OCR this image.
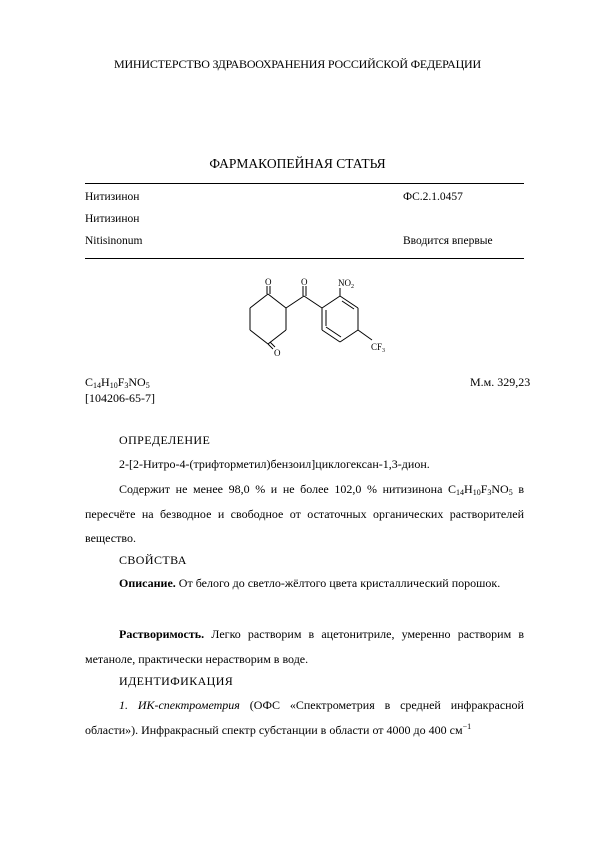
МИНИСТЕРСТВО ЗДРАВООХРАНЕНИЯ РОССИЙСКОЙ ФЕДЕРАЦИИ
ФАРМАКОПЕЙНАЯ СТАТЬЯ
Нитизинон	ФС.2.1.0457
Нитизинон
Nitisinonum	Вводится впервые
O
O
O	$NO_2$
$CF_3$
$C_{14}H_{10}F_3NO_5$	М.м. 329,23
[104206-65-7]
ОПРЕДЕЛЕНИЕ
2-[2-Нитро-4-(трифторметил)бензоил]циклогексан-1,3-дион.
Содержит не менее 98,0 % и не более 102,0 % нитизинона $C_{14}H_{10}F_3NO_5$ в пересчёте на безводное и свободное от остаточных органических растворителей вещество.
СВОЙСТВА
Описание. От белого до светло-жёлтого цвета кристаллический порошок.
Растворимость. Легко растворим в ацетонитриле, умеренно растворим в метаноле, практически нерастворим в воде.
ИДЕНТИФИКАЦИЯ
1. ИК-спектрометрия (ОФС «Спектрометрия в средней инфракрасной области»). Инфракрасный спектр субстанции в области от 4000 до 400 $см^{-1}$
